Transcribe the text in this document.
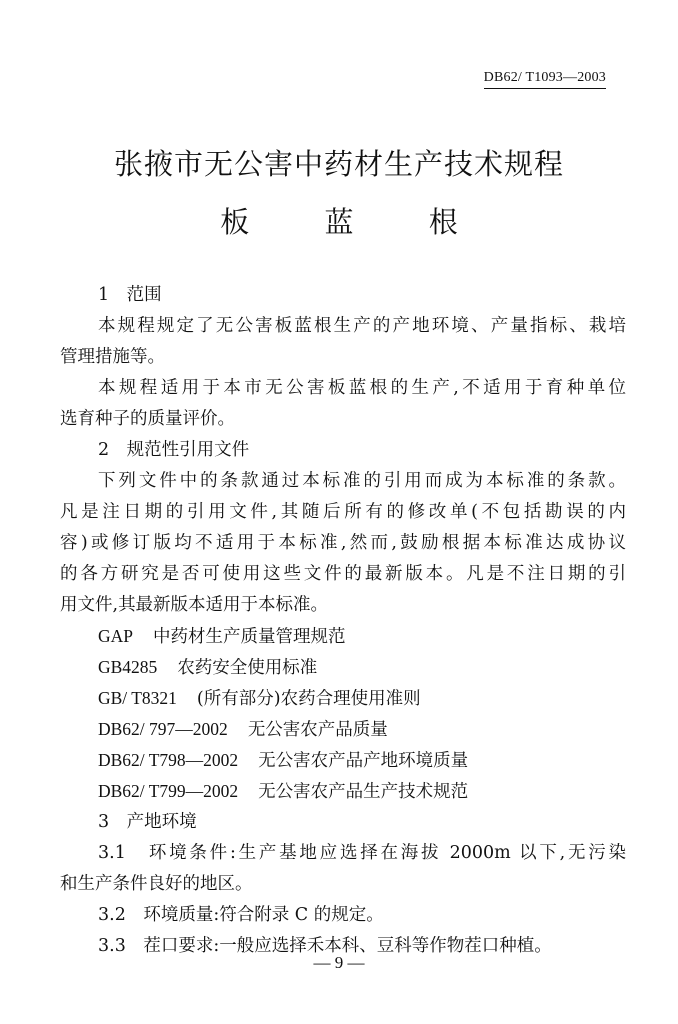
DB62/ T1093—2003
张掖市无公害中药材生产技术规程
板 蓝 根
1　范围
本规程规定了无公害板蓝根生产的产地环境、产量指标、栽培
管理措施等。
本规程适用于本市无公害板蓝根的生产,不适用于育种单位
选育种子的质量评价。
2　规范性引用文件
下列文件中的条款通过本标准的引用而成为本标准的条款。
凡是注日期的引用文件,其随后所有的修改单(不包括勘误的内
容)或修订版均不适用于本标准,然而,鼓励根据本标准达成协议
的各方研究是否可使用这些文件的最新版本。凡是不注日期的引
用文件,其最新版本适用于本标准。
GAP 中药材生产质量管理规范
GB4285 农药安全使用标准
GB/ T8321 (所有部分)农药合理使用准则
DB62/ 797—2002 无公害农产品质量
DB62/ T798—2002 无公害农产品产地环境质量
DB62/ T799—2002 无公害农产品生产技术规范
3　产地环境
3.1　环境条件:生产基地应选择在海拔 2000m 以下,无污染
和生产条件良好的地区。
3.2　环境质量:符合附录 C 的规定。
3.3　茬口要求:一般应选择禾本科、豆科等作物茬口种植。
— 9 —
